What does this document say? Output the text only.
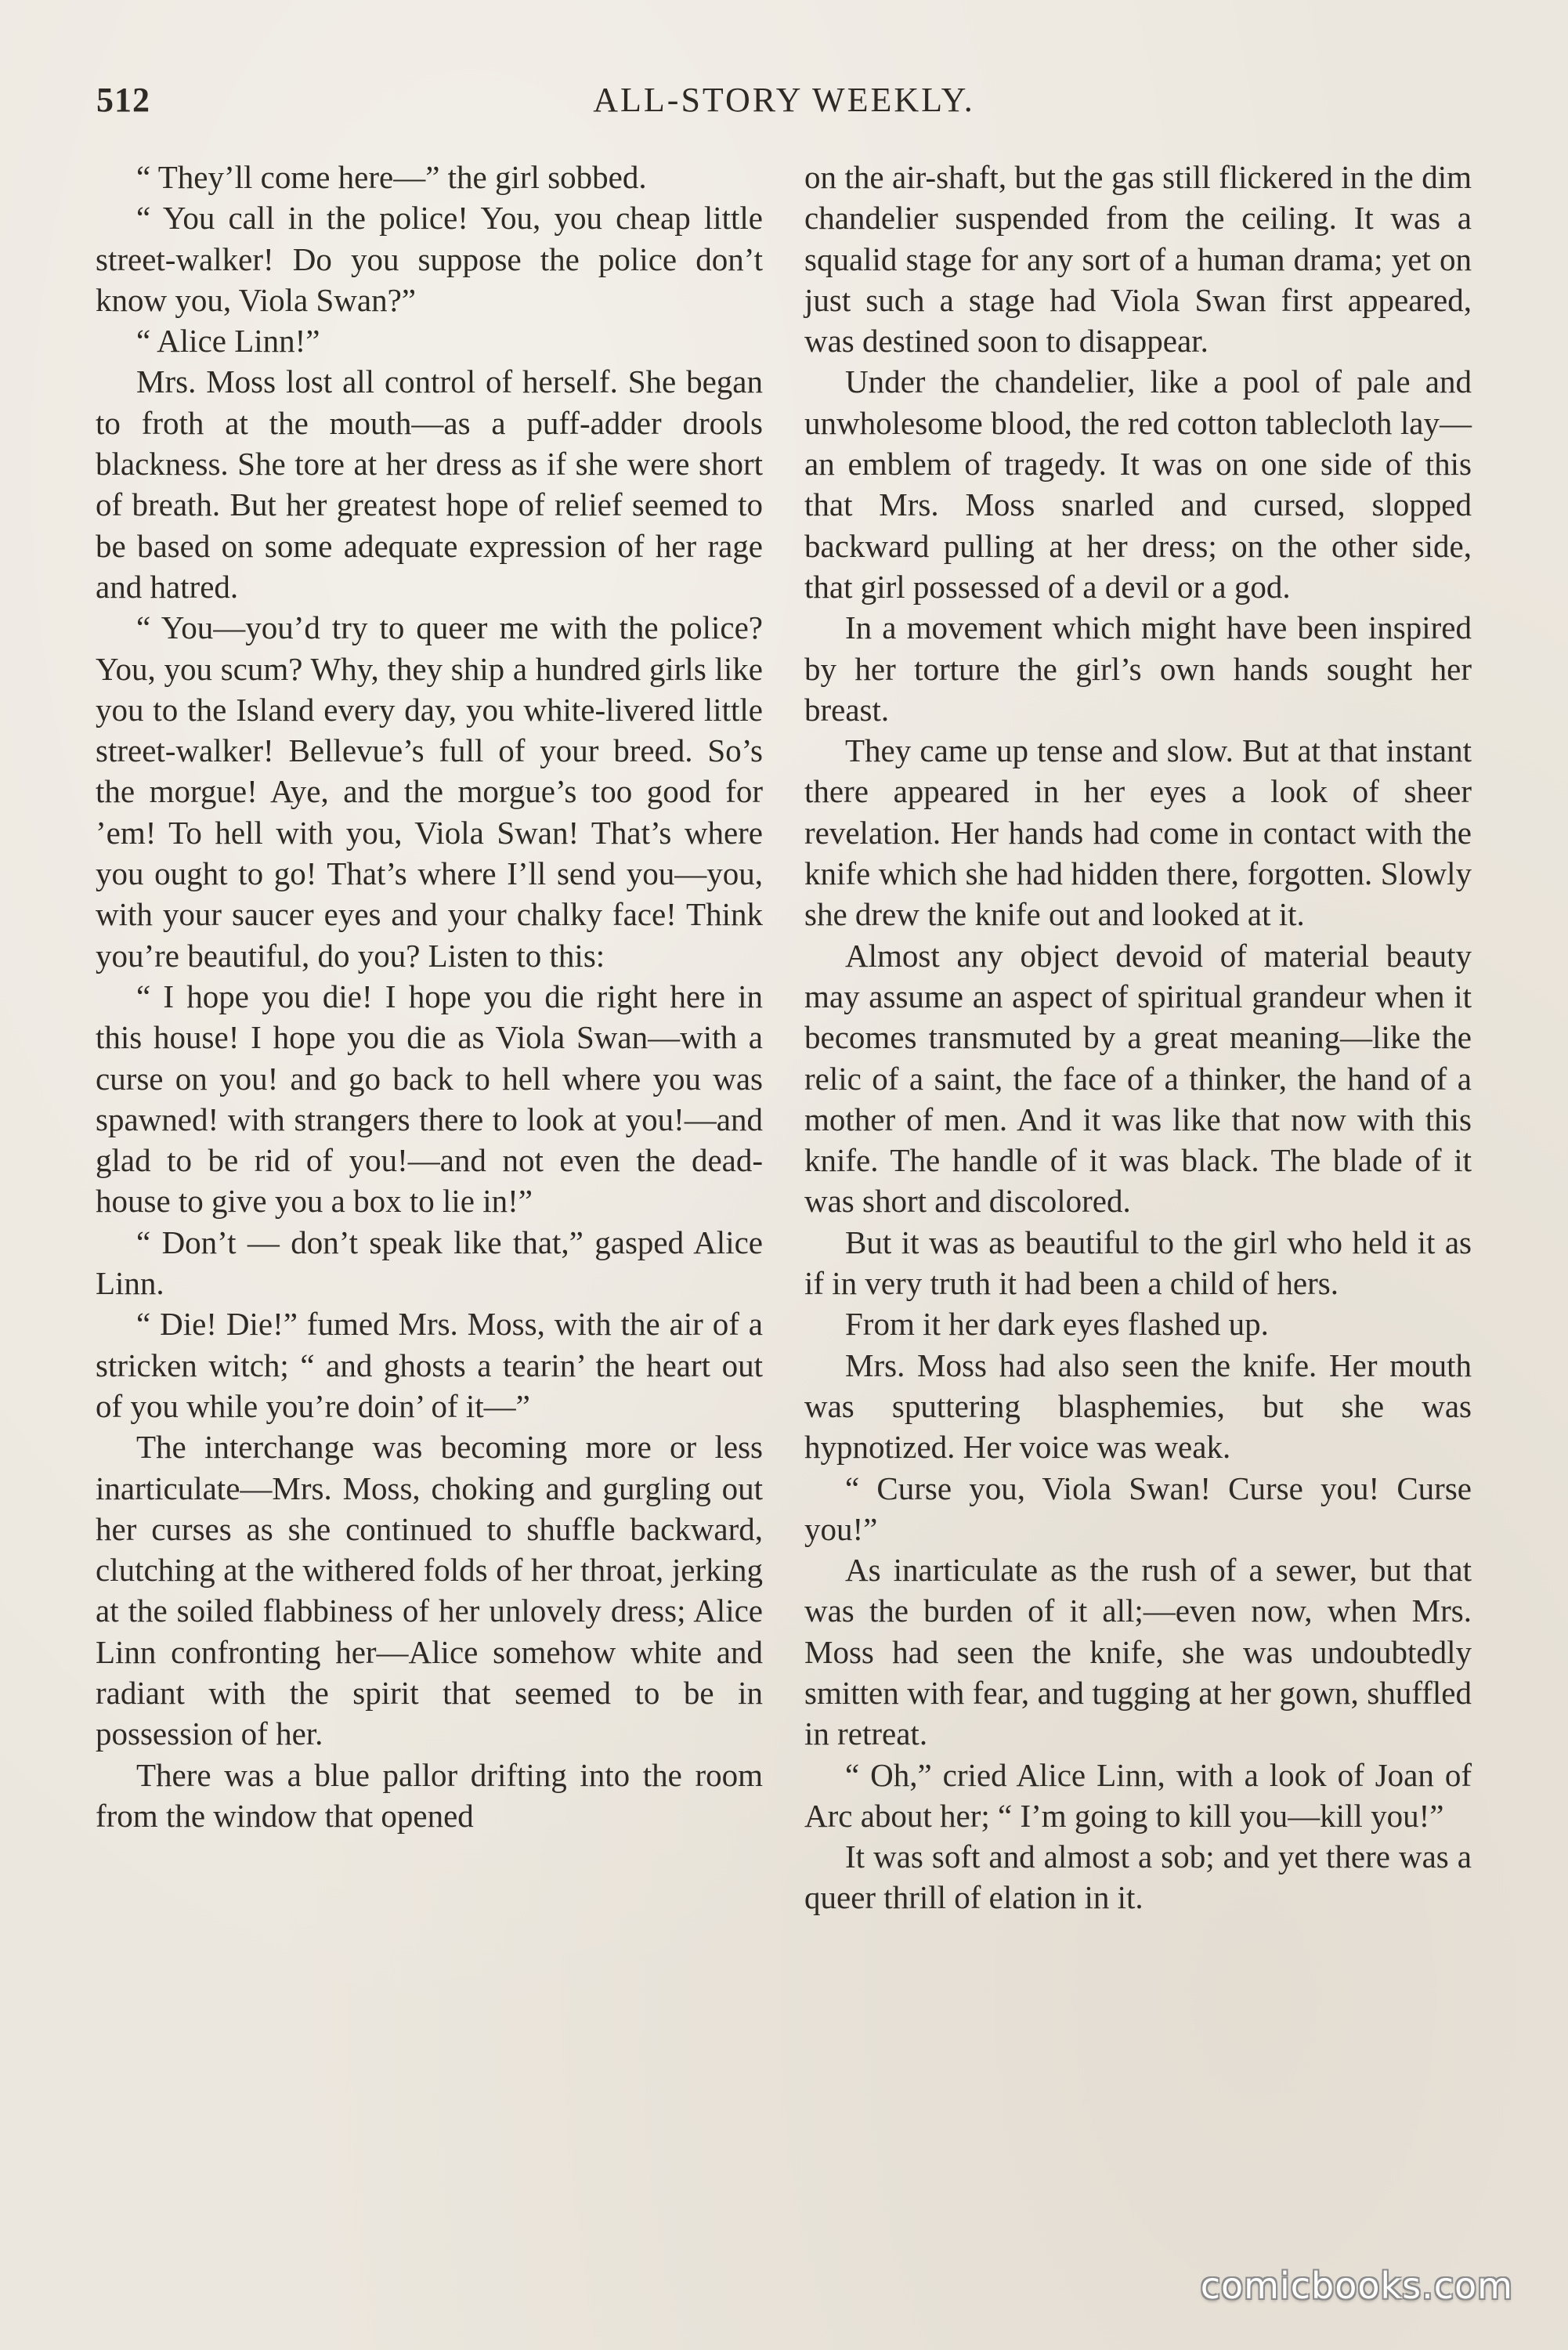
512	ALL-STORY WEEKLY.

“ They’ll come here—” the girl sobbed.

“ You call in the police! You, you cheap little street-walker! Do you suppose the police don’t know you, Viola Swan?”

“ Alice Linn!”

Mrs. Moss lost all control of herself. She began to froth at the mouth—as a puff-adder drools blackness. She tore at her dress as if she were short of breath. But her greatest hope of relief seemed to be based on some adequate expression of her rage and hatred.

“ You—you’d try to queer me with the police? You, you scum? Why, they ship a hundred girls like you to the Island every day, you white-livered little street-walker! Bellevue’s full of your breed. So’s the morgue! Aye, and the morgue’s too good for ’em! To hell with you, Viola Swan! That’s where you ought to go! That’s where I’ll send you—you, with your saucer eyes and your chalky face! Think you’re beautiful, do you? Listen to this:

“ I hope you die! I hope you die right here in this house! I hope you die as Viola Swan—with a curse on you! and go back to hell where you was spawned! with strangers there to look at you!—and glad to be rid of you!—and not even the dead-house to give you a box to lie in!”

“ Don’t — don’t speak like that,” gasped Alice Linn.

“ Die! Die!” fumed Mrs. Moss, with the air of a stricken witch; “ and ghosts a tearin’ the heart out of you while you’re doin’ of it—”

The interchange was becoming more or less inarticulate—Mrs. Moss, choking and gurgling out her curses as she continued to shuffle backward, clutching at the withered folds of her throat, jerking at the soiled flabbiness of her unlovely dress; Alice Linn confronting her—Alice somehow white and radiant with the spirit that seemed to be in possession of her.

There was a blue pallor drifting into the room from the window that opened

on the air-shaft, but the gas still flickered in the dim chandelier suspended from the ceiling. It was a squalid stage for any sort of a human drama; yet on just such a stage had Viola Swan first appeared, was destined soon to disappear.

Under the chandelier, like a pool of pale and unwholesome blood, the red cotton tablecloth lay—an emblem of tragedy. It was on one side of this that Mrs. Moss snarled and cursed, slopped backward pulling at her dress; on the other side, that girl possessed of a devil or a god.

In a movement which might have been inspired by her torture the girl’s own hands sought her breast.

They came up tense and slow. But at that instant there appeared in her eyes a look of sheer revelation. Her hands had come in contact with the knife which she had hidden there, forgotten. Slowly she drew the knife out and looked at it.

Almost any object devoid of material beauty may assume an aspect of spiritual grandeur when it becomes transmuted by a great meaning—like the relic of a saint, the face of a thinker, the hand of a mother of men. And it was like that now with this knife. The handle of it was black. The blade of it was short and discolored.

But it was as beautiful to the girl who held it as if in very truth it had been a child of hers.

From it her dark eyes flashed up.

Mrs. Moss had also seen the knife. Her mouth was sputtering blasphemies, but she was hypnotized. Her voice was weak.

“ Curse you, Viola Swan! Curse you! Curse you!”

As inarticulate as the rush of a sewer, but that was the burden of it all;—even now, when Mrs. Moss had seen the knife, she was undoubtedly smitten with fear, and tugging at her gown, shuffled in retreat.

“ Oh,” cried Alice Linn, with a look of Joan of Arc about her; “ I’m going to kill you—kill you!”

It was soft and almost a sob; and yet there was a queer thrill of elation in it.

comicbooks.com
